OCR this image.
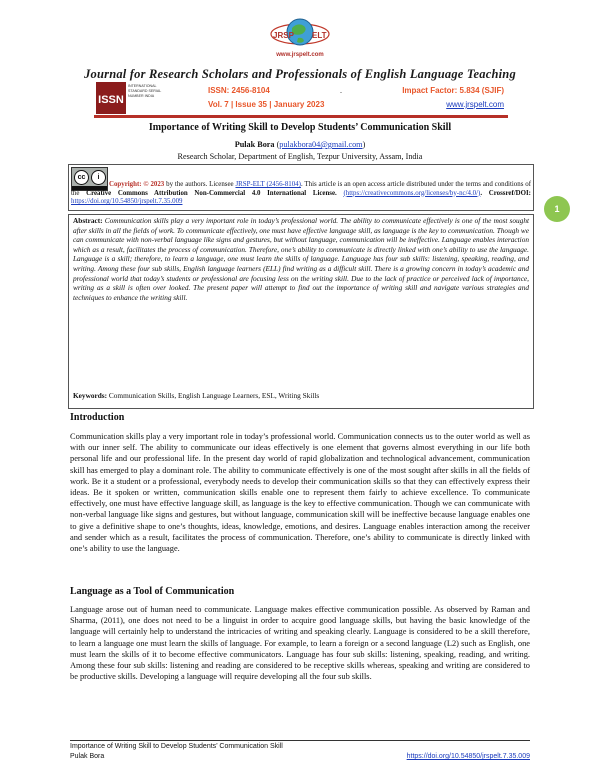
JRSP ELT
www.jrspelt.com
Journal for Research Scholars and Professionals of English Language Teaching
ISSN
INTERNATIONAL STANDARD SERIAL NUMBER INDIA
ISSN: 2456-8104	.
Vol. 7 | Issue 35 | January 2023
Impact Factor: 5.834 (SJIF)
www.jrspelt.com
Importance of Writing Skill to Develop Students’ Communication Skill
Pulak Bora (pulakbora04@gmail.com)
Research Scholar, Department of English, Tezpur University, Assam, India
cc	i
Copyright: © 2023 by the authors. Licensee JRSP-ELT (2456-8104). This article is an open access article distributed under the terms and conditions of the Creative Commons Attribution Non-Commercial 4.0 International License. (https://creativecommons.org/licenses/by-nc/4.0/). Crossref/DOI: https://doi.org/10.54850/jrspelt.7.35.009
Abstract: Communication skills play a very important role in today’s professional world. The ability to communicate effectively is one of the most sought after skills in all the fields of work. To communicate effectively, one must have effective language skill, as language is the key to communication. Though we can communicate with non-verbal language like signs and gestures, but without language, communication will be ineffective. Language enables interaction which as a result, facilitates the process of communication. Therefore, one’s ability to communicate is directly linked with one’s ability to use the language. Language is a skill; therefore, to learn a language, one must learn the skills of language. Language has four sub skills: listening, speaking, reading, and writing. Among these four sub skills, English language learners (ELL) find writing as a difficult skill. There is a growing concern in today’s academic and professional world that today’s students or professional are focusing less on the writing skill. Due to the lack of practice or perceived lack of importance, writing as a skill is often over looked. The present paper will attempt to find out the importance of writing skill and navigate various strategies and techniques to enhance the writing skill.
Keywords: Communication Skills, English Language Learners, ESL, Writing Skills
1
Introduction

Communication skills play a very important role in today’s professional world. Communication connects us to the outer world as well as with our inner self. The ability to communicate our ideas effectively is one element that governs almost everything in our life both personal life and our professional life. In the present day world of rapid globalization and technological advancement, communication skill has emerged to play a dominant role. The ability to communicate effectively is one of the most sought after skills in all the fields of work. Be it a student or a professional, everybody needs to develop their communication skills so that they can effectively express their ideas. Be it spoken or written, communication skills enable one to represent them fairly to achieve excellence. To communicate effectively, one must have effective language skill, as language is the key to effective communication. Though we can communicate with non-verbal language like signs and gestures, but without language, communication skill will be ineffective because language enables one to give a definitive shape to one’s thoughts, ideas, knowledge, emotions, and desires. Language enables interaction among the receiver and sender which as a result, facilitates the process of communication. Therefore, one’s ability to communicate is directly linked with one’s ability to use the language.

Language as a Tool of Communication

Language arose out of human need to communicate. Language makes effective communication possible. As observed by Raman and Sharma, (2011), one does not need to be a linguist in order to acquire good language skills, but having the basic knowledge of the language will certainly help to understand the intricacies of writing and speaking clearly. Language is considered to be a skill therefore, to learn a language one must learn the skills of language. For example, to learn a foreign or a second language (L2) such as English, one must learn the skills of it to become effective communicators. Language has four sub skills: listening, speaking, reading, and writing. Among these four sub skills: listening and reading are considered to be receptive skills whereas, speaking and writing are considered to be productive skills. Developing a language will require developing all the four sub skills.

Importance of Writing Skill to Develop Students’ Communication Skill
Pulak Bora	https://doi.org/10.54850/jrspelt.7.35.009
